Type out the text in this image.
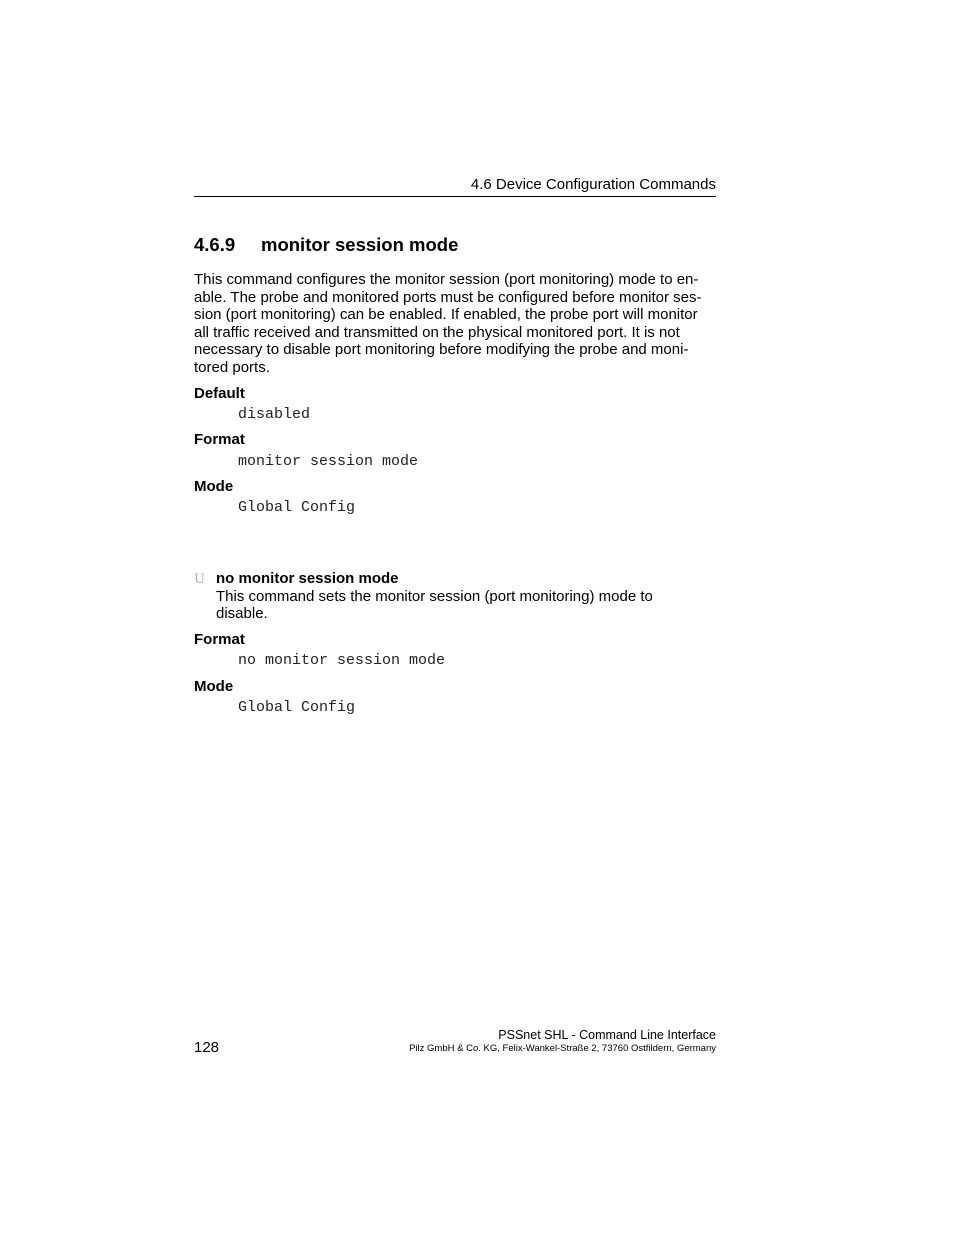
4.6 Device Configuration Commands
4.6.9 monitor session mode
This command configures the monitor session (port monitoring) mode to en-
able. The probe and monitored ports must be configured before monitor ses-
sion (port monitoring) can be enabled. If enabled, the probe port will monitor
all traffic received and transmitted on the physical monitored port. It is not
necessary to disable port monitoring before modifying the probe and moni-
tored ports.
Default
disabled
Format
monitor session mode
Mode
Global Config
U no monitor session mode
This command sets the monitor session (port monitoring) mode to
disable.
Format
no monitor session mode
Mode
Global Config
128
PSSnet SHL - Command Line Interface
Pilz GmbH & Co. KG, Felix-Wankel-Straße 2, 73760 Ostfildern, Germany
